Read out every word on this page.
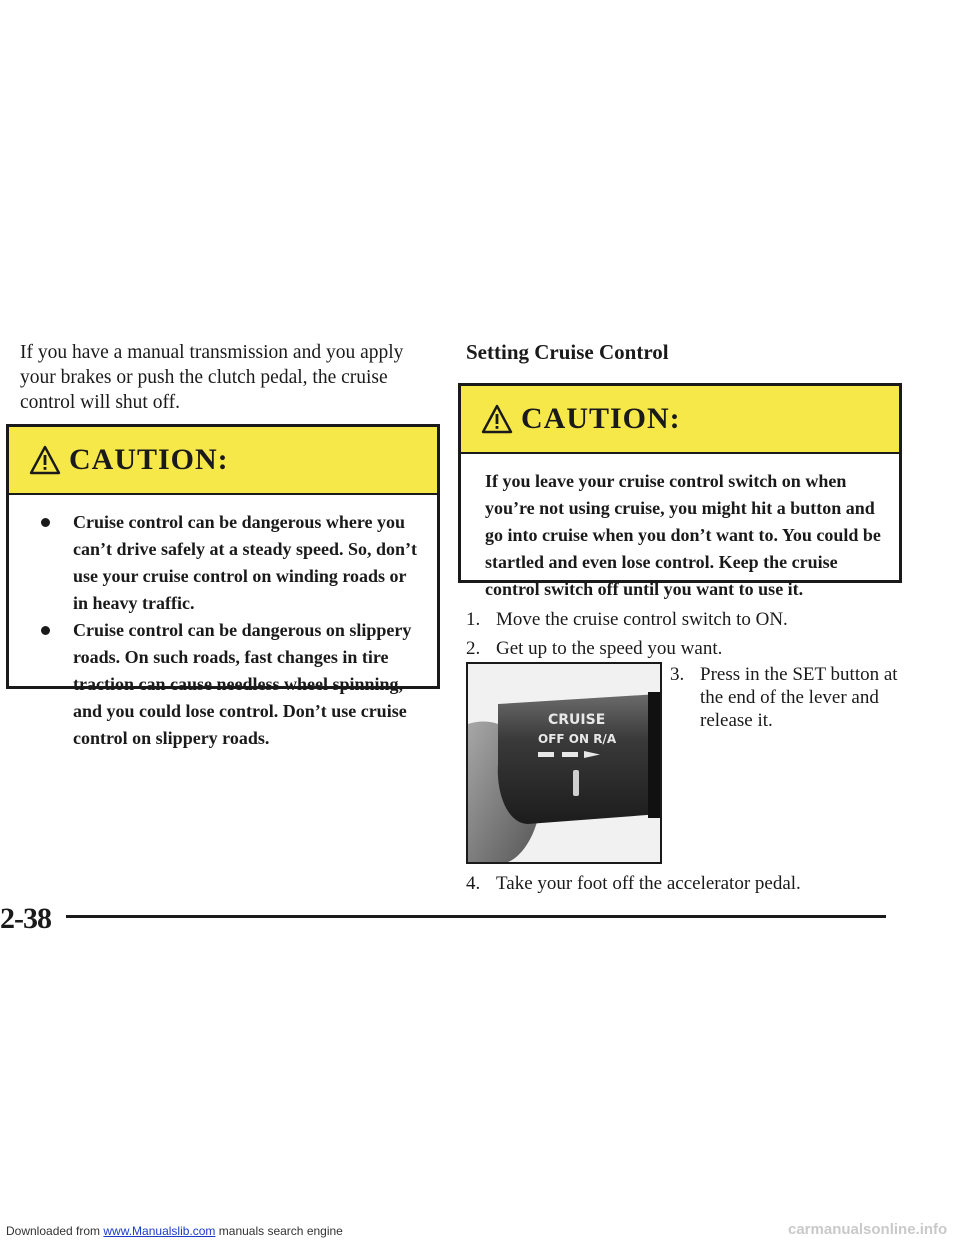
If you have a manual transmission and you apply your brakes or push the clutch pedal, the cruise control will shut off.

CAUTION:
Cruise control can be dangerous where you can’t drive safely at a steady speed. So, don’t use your cruise control on winding roads or in heavy traffic.
Cruise control can be dangerous on slippery roads. On such roads, fast changes in tire traction can cause needless wheel spinning, and you could lose control. Don’t use cruise control on slippery roads.
Setting Cruise Control
CAUTION:

If you leave your cruise control switch on when you’re not using cruise, you might hit a button and go into cruise when you don’t want to. You could be startled and even lose control. Keep the cruise control switch off until you want to use it.

1. Move the cruise control switch to ON.
2. Get up to the speed you want.
CRUISE
OFF ON R/A
3. Press in the SET button at the end of the lever and release it.
4. Take your foot off the accelerator pedal.
2-38
Downloaded from www.Manualslib.com manuals search engine	carmanualsonline.info
